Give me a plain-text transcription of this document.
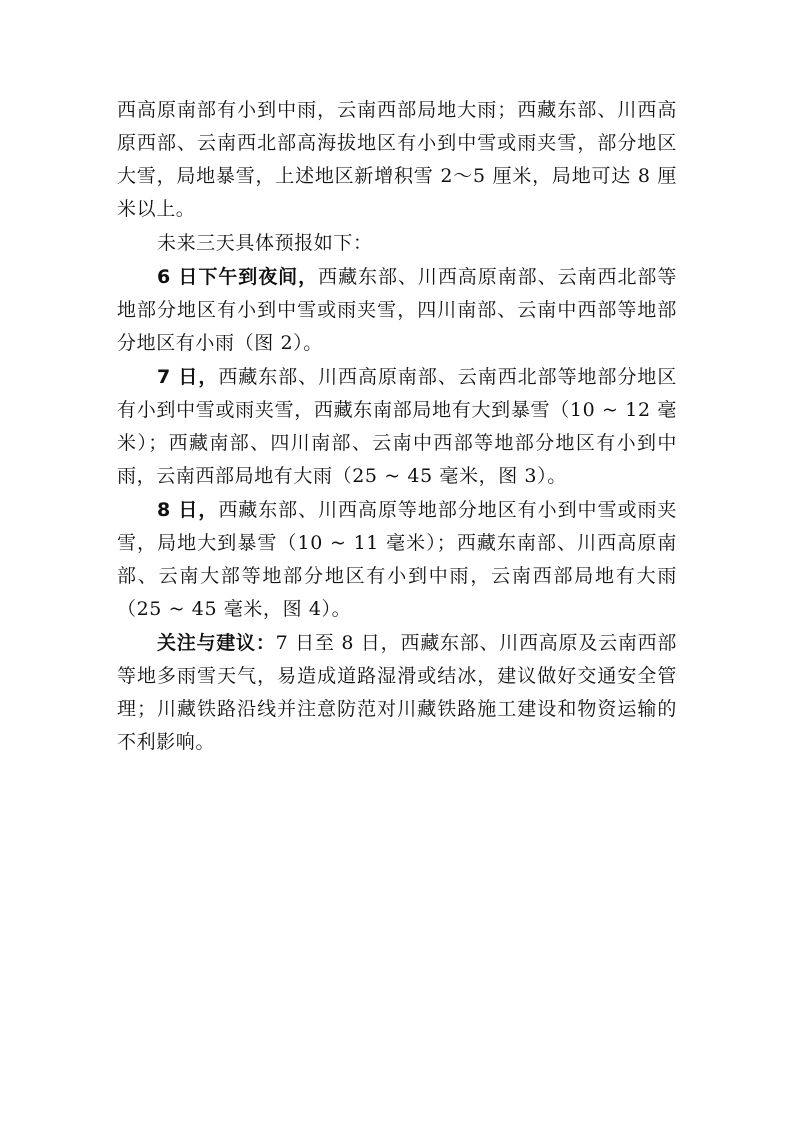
西高原南部有小到中雨，云南西部局地大雨；西藏东部、川西高原西部、云南西北部高海拔地区有小到中雪或雨夹雪，部分地区大雪，局地暴雪，上述地区新增积雪 2～5 厘米，局地可达 8 厘米以上。

未来三天具体预报如下：

6 日下午到夜间，西藏东部、川西高原南部、云南西北部等地部分地区有小到中雪或雨夹雪，四川南部、云南中西部等地部分地区有小雨（图 2）。

7 日，西藏东部、川西高原南部、云南西北部等地部分地区有小到中雪或雨夹雪，西藏东南部局地有大到暴雪（10 ~ 12 毫米）；西藏南部、四川南部、云南中西部等地部分地区有小到中雨，云南西部局地有大雨（25 ~ 45 毫米，图 3）。

8 日，西藏东部、川西高原等地部分地区有小到中雪或雨夹雪，局地大到暴雪（10 ~ 11 毫米）；西藏东南部、川西高原南部、云南大部等地部分地区有小到中雨，云南西部局地有大雨（25 ~ 45 毫米，图 4）。

关注与建议：7 日至 8 日，西藏东部、川西高原及云南西部等地多雨雪天气，易造成道路湿滑或结冰，建议做好交通安全管理；川藏铁路沿线并注意防范对川藏铁路施工建设和物资运输的不利影响。
